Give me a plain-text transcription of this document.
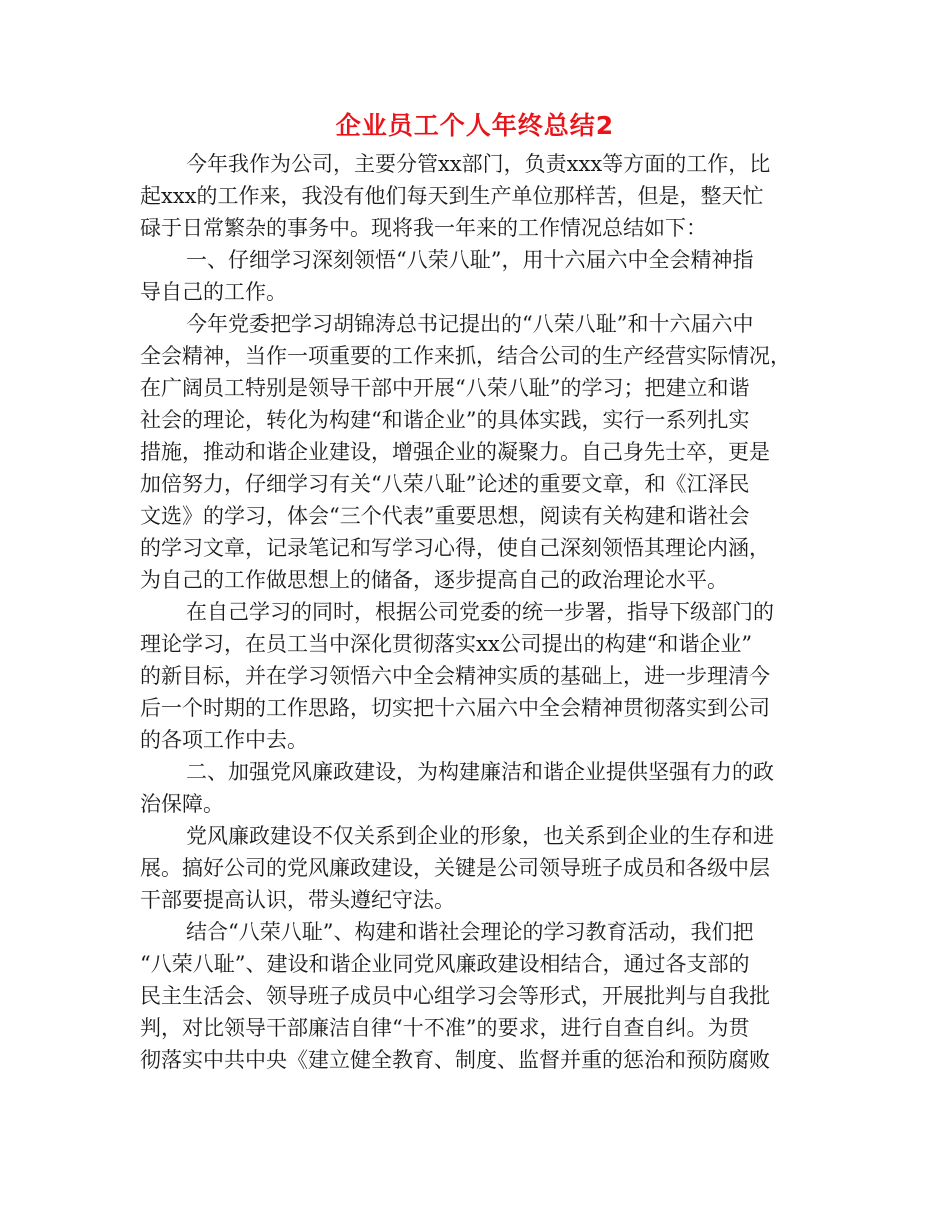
企业员工个人年终总结2
今年我作为公司，主要分管xx部门，负责xxx等方面的工作，比
起xxx的工作来，我没有他们每天到生产单位那样苦，但是，整天忙
碌于日常繁杂的事务中。现将我一年来的工作情况总结如下：
一、仔细学习深刻领悟“八荣八耻”，用十六届六中全会精神指
导自己的工作。
今年党委把学习胡锦涛总书记提出的“八荣八耻”和十六届六中
全会精神，当作一项重要的工作来抓，结合公司的生产经营实际情况，
在广阔员工特别是领导干部中开展“八荣八耻”的学习；把建立和谐
社会的理论，转化为构建“和谐企业”的具体实践，实行一系列扎实
措施，推动和谐企业建设，增强企业的凝聚力。自己身先士卒，更是
加倍努力，仔细学习有关“八荣八耻”论述的重要文章，和《江泽民
文选》的学习，体会“三个代表”重要思想，阅读有关构建和谐社会
的学习文章，记录笔记和写学习心得，使自己深刻领悟其理论内涵，
为自己的工作做思想上的储备，逐步提高自己的政治理论水平。
在自己学习的同时，根据公司党委的统一步署，指导下级部门的
理论学习，在员工当中深化贯彻落实xx公司提出的构建“和谐企业”
的新目标，并在学习领悟六中全会精神实质的基础上，进一步理清今
后一个时期的工作思路，切实把十六届六中全会精神贯彻落实到公司
的各项工作中去。
二、加强党风廉政建设，为构建廉洁和谐企业提供坚强有力的政
治保障。
党风廉政建设不仅关系到企业的形象，也关系到企业的生存和进
展。搞好公司的党风廉政建设，关键是公司领导班子成员和各级中层
干部要提高认识，带头遵纪守法。
结合“八荣八耻”、构建和谐社会理论的学习教育活动，我们把
“八荣八耻”、建设和谐企业同党风廉政建设相结合，通过各支部的
民主生活会、领导班子成员中心组学习会等形式，开展批判与自我批
判，对比领导干部廉洁自律“十不准”的要求，进行自查自纠。为贯
彻落实中共中央《建立健全教育、制度、监督并重的惩治和预防腐败
